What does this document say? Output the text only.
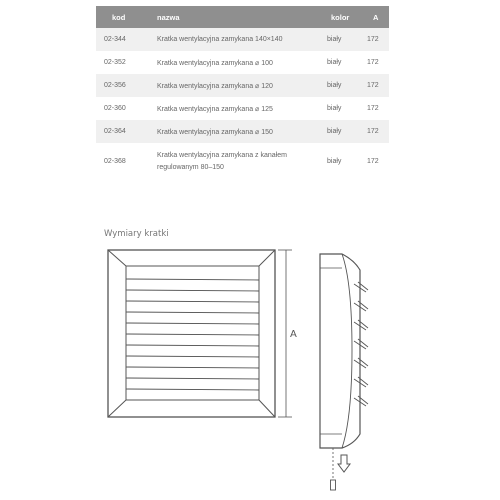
kod	nazwa	kolor	A
02-344	Kratka wentylacyjna zamykana 140×140	biały	172
02-352	Kratka wentylacyjna zamykana ⌀ 100	biały	172
02-356	Kratka wentylacyjna zamykana ⌀ 120	biały	172
02-360	Kratka wentylacyjna zamykana ⌀ 125	biały	172
02-364	Kratka wentylacyjna zamykana ⌀ 150	biały	172
02-368	Kratka wentylacyjna zamykana z kanałem
regulowanym 80–150	biały	172
Wymiary kratki
A
